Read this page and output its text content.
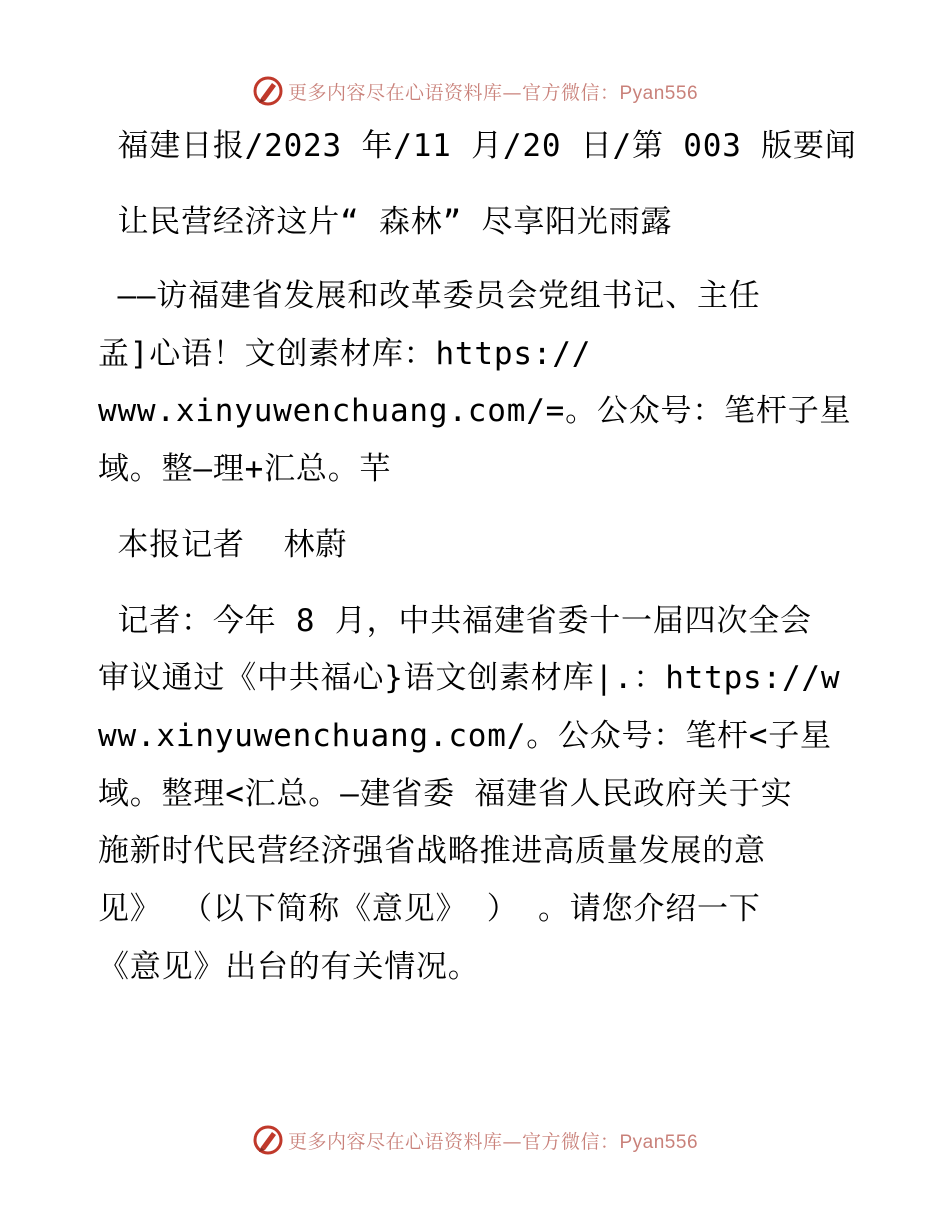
更多内容尽在心语资料库—官方微信：Pyan556
福建日报/2023 年/11 月/20 日/第 003 版要闻
让民营经济这片“ 森林” 尽享阳光雨露
——访福建省发展和改革委员会党组书记、主任
孟]心语！文创素材库：https://
www.xinyuwenchuang.com/=。公众号：笔杆子星
域。整—理+汇总。芉
本报记者  林蔚
记者：今年 8 月，中共福建省委十一届四次全会
审议通过《中共福心}语文创素材库|.：https://w
ww.xinyuwenchuang.com/。公众号：笔杆<子星
域。整理<汇总。—建省委 福建省人民政府关于实
施新时代民营经济强省战略推进高质量发展的意
见》 （以下简称《意见》 ） 。请您介绍一下
《意见》出台的有关情况。
更多内容尽在心语资料库—官方微信：Pyan556
